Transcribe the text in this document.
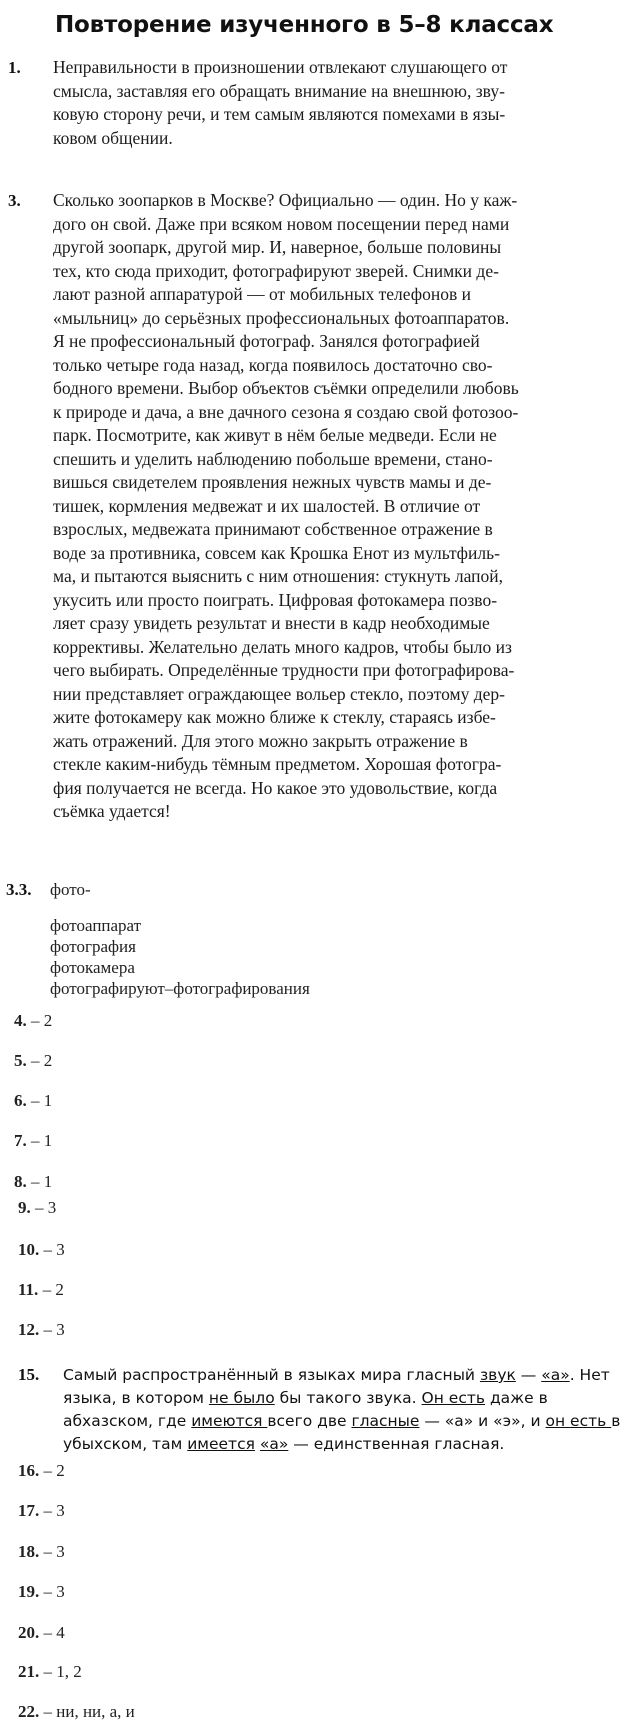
Повторение изученного в 5–8 классах
1. Неправильности в произношении отвлекают слушающего от
смысла, заставляя его обращать внимание на внешнюю, зву-
ковую сторону речи, и тем самым являются помехами в язы-
ковом общении.
3. Сколько зоопарков в Москве? Официально — один. Но у каж-
дого он свой. Даже при всяком новом посещении перед нами
другой зоопарк, другой мир. И, наверное, больше половины
тех, кто сюда приходит, фотографируют зверей. Снимки де-
лают разной аппаратурой — от мобильных телефонов и
«мыльниц» до серьёзных профессиональных фотоаппаратов.
Я не профессиональный фотограф. Занялся фотографией
только четыре года назад, когда появилось достаточно сво-
бодного времени. Выбор объектов съёмки определили любовь
к природе и дача, а вне дачного сезона я создаю свой фотозоо-
парк. Посмотрите, как живут в нём белые медведи. Если не
спешить и уделить наблюдению побольше времени, стано-
вишься свидетелем проявления нежных чувств мамы и де-
тишек, кормления медвежат и их шалостей. В отличие от
взрослых, медвежата принимают собственное отражение в
воде за противника, совсем как Крошка Енот из мультфиль-
ма, и пытаются выяснить с ним отношения: стукнуть лапой,
укусить или просто поиграть. Цифровая фотокамера позво-
ляет сразу увидеть результат и внести в кадр необходимые
коррективы. Желательно делать много кадров, чтобы было из
чего выбирать. Определённые трудности при фотографирова-
нии представляет ограждающее вольер стекло, поэтому дер-
жите фотокамеру как можно ближе к стеклу, стараясь избе-
жать отражений. Для этого можно закрыть отражение в
стекле каким-нибудь тёмным предметом. Хорошая фотогра-
фия получается не всегда. Но какое это удовольствие, когда
съёмка удается!
3.3. фото-
фотоаппарат
фотография
фотокамера
фотографируют–фотографирования
4. – 2
5. – 2
6. – 1
7. – 1
8. – 1
9. – 3
10. – 3
11. – 2
12. – 3
15. Самый распространённый в языках мира гласный звук — «а». Нет языка, в котором не было бы такого звука. Он есть даже в абхазском, где имеются всего две гласные — «а» и «э», и он есть в убыхском, там имеется «а» — единственная гласная.
16. – 2
17. – 3
18. – 3
19. – 3
20. – 4
21. – 1, 2
22. – ни, ни, а, и
